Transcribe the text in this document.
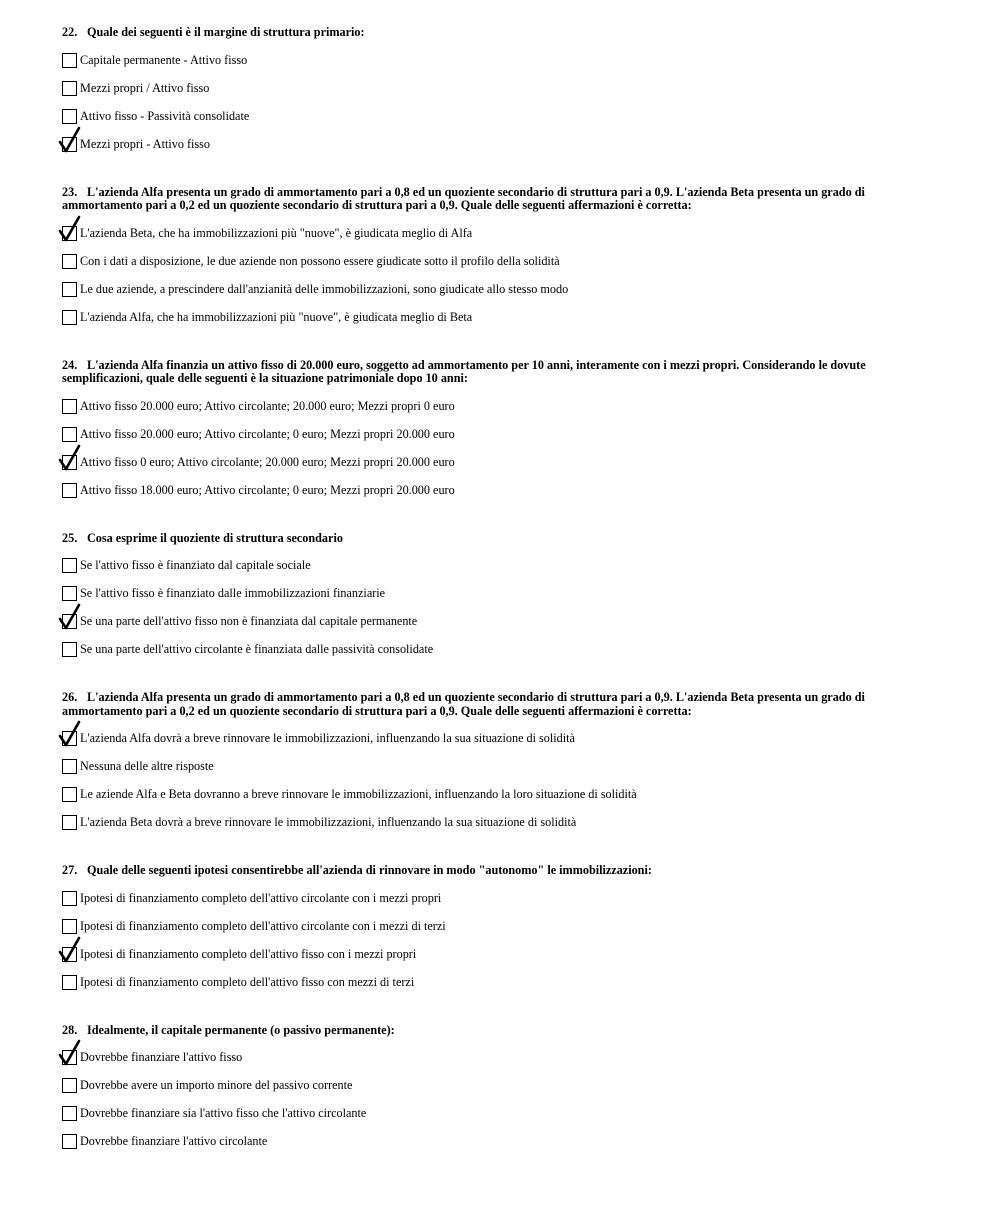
22. Quale dei seguenti è il margine di struttura primario:
Capitale permanente - Attivo fisso
Mezzi propri / Attivo fisso
Attivo fisso - Passività consolidate
Mezzi propri - Attivo fisso
23. L'azienda Alfa presenta un grado di ammortamento pari a 0,8 ed un quoziente secondario di struttura pari a 0,9. L'azienda Beta presenta un grado di ammortamento pari a 0,2 ed un quoziente secondario di struttura pari a 0,9. Quale delle seguenti affermazioni è corretta:
L'azienda Beta, che ha immobilizzazioni più "nuove", è giudicata meglio di Alfa
Con i dati a disposizione, le due aziende non possono essere giudicate sotto il profilo della solidità
Le due aziende, a prescindere dall'anzianità delle immobilizzazioni, sono giudicate allo stesso modo
L'azienda Alfa, che ha immobilizzazioni più "nuove", è giudicata meglio di Beta
24. L'azienda Alfa finanzia un attivo fisso di 20.000 euro, soggetto ad ammortamento per 10 anni, interamente con i mezzi propri. Considerando le dovute semplificazioni, quale delle seguenti è la situazione patrimoniale dopo 10 anni:
Attivo fisso 20.000 euro; Attivo circolante; 20.000 euro; Mezzi propri 0 euro
Attivo fisso 20.000 euro; Attivo circolante; 0 euro; Mezzi propri 20.000 euro
Attivo fisso 0 euro; Attivo circolante; 20.000 euro; Mezzi propri 20.000 euro
Attivo fisso 18.000 euro; Attivo circolante; 0 euro; Mezzi propri 20.000 euro
25. Cosa esprime il quoziente di struttura secondario
Se l'attivo fisso è finanziato dal capitale sociale
Se l'attivo fisso è finanziato dalle immobilizzazioni finanziarie
Se una parte dell'attivo fisso non è finanziata dal capitale permanente
Se una parte dell'attivo circolante è finanziata dalle passività consolidate
26. L'azienda Alfa presenta un grado di ammortamento pari a 0,8 ed un quoziente secondario di struttura pari a 0,9. L'azienda Beta presenta un grado di ammortamento pari a 0,2 ed un quoziente secondario di struttura pari a 0,9. Quale delle seguenti affermazioni è corretta:
L'azienda Alfa dovrà a breve rinnovare le immobilizzazioni, influenzando la sua situazione di solidità
Nessuna delle altre risposte
Le aziende Alfa e Beta dovranno a breve rinnovare le immobilizzazioni, influenzando la loro situazione di solidità
L'azienda Beta dovrà a breve rinnovare le immobilizzazioni, influenzando la sua situazione di solidità
27. Quale delle seguenti ipotesi consentirebbe all'azienda di rinnovare in modo "autonomo" le immobilizzazioni:
Ipotesi di finanziamento completo dell'attivo circolante con i mezzi propri
Ipotesi di finanziamento completo dell'attivo circolante con i mezzi di terzi
Ipotesi di finanziamento completo dell'attivo fisso con i mezzi propri
Ipotesi di finanziamento completo dell'attivo fisso con mezzi di terzi
28. Idealmente, il capitale permanente (o passivo permanente):
Dovrebbe finanziare l'attivo fisso
Dovrebbe avere un importo minore del passivo corrente
Dovrebbe finanziare sia l'attivo fisso che l'attivo circolante
Dovrebbe finanziare l'attivo circolante
